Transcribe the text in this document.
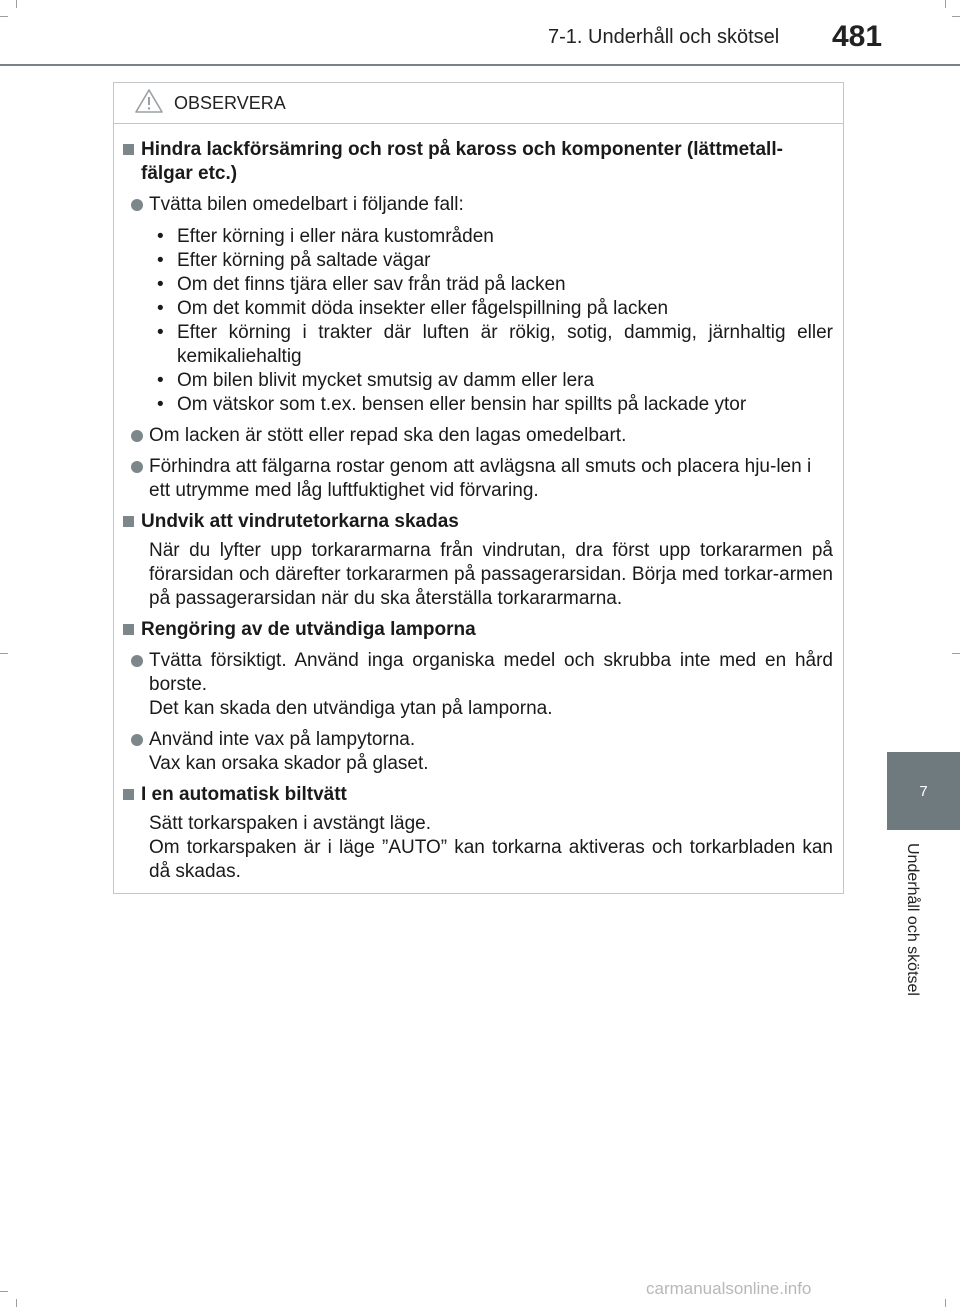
7-1. Underhåll och skötsel 481
7
Underhåll och skötsel
OBSERVERA
Hindra lackförsämring och rost på kaross och komponenter (lättmetall-fälgar etc.)
Tvätta bilen omedelbart i följande fall:
• Efter körning i eller nära kustområden
• Efter körning på saltade vägar
• Om det finns tjära eller sav från träd på lacken
• Om det kommit döda insekter eller fågelspillning på lacken
• Efter körning i trakter där luften är rökig, sotig, dammig, järnhaltig eller kemikaliehaltig
• Om bilen blivit mycket smutsig av damm eller lera
• Om vätskor som t.ex. bensen eller bensin har spillts på lackade ytor
Om lacken är stött eller repad ska den lagas omedelbart.
Förhindra att fälgarna rostar genom att avlägsna all smuts och placera hju-len i ett utrymme med låg luftfuktighet vid förvaring.
Undvik att vindrutetorkarna skadas
När du lyfter upp torkararmarna från vindrutan, dra först upp torkararmen på förarsidan och därefter torkararmen på passagerarsidan. Börja med torkar-armen på passagerarsidan när du ska återställa torkararmarna.
Rengöring av de utvändiga lamporna
Tvätta försiktigt. Använd inga organiska medel och skrubba inte med en hård borste.
Det kan skada den utvändiga ytan på lamporna.
Använd inte vax på lampytorna.
Vax kan orsaka skador på glaset.
I en automatisk biltvätt
Sätt torkarspaken i avstängt läge.
Om torkarspaken är i läge ”AUTO” kan torkarna aktiveras och torkarbladen kan då skadas.
carmanualsonline.info
